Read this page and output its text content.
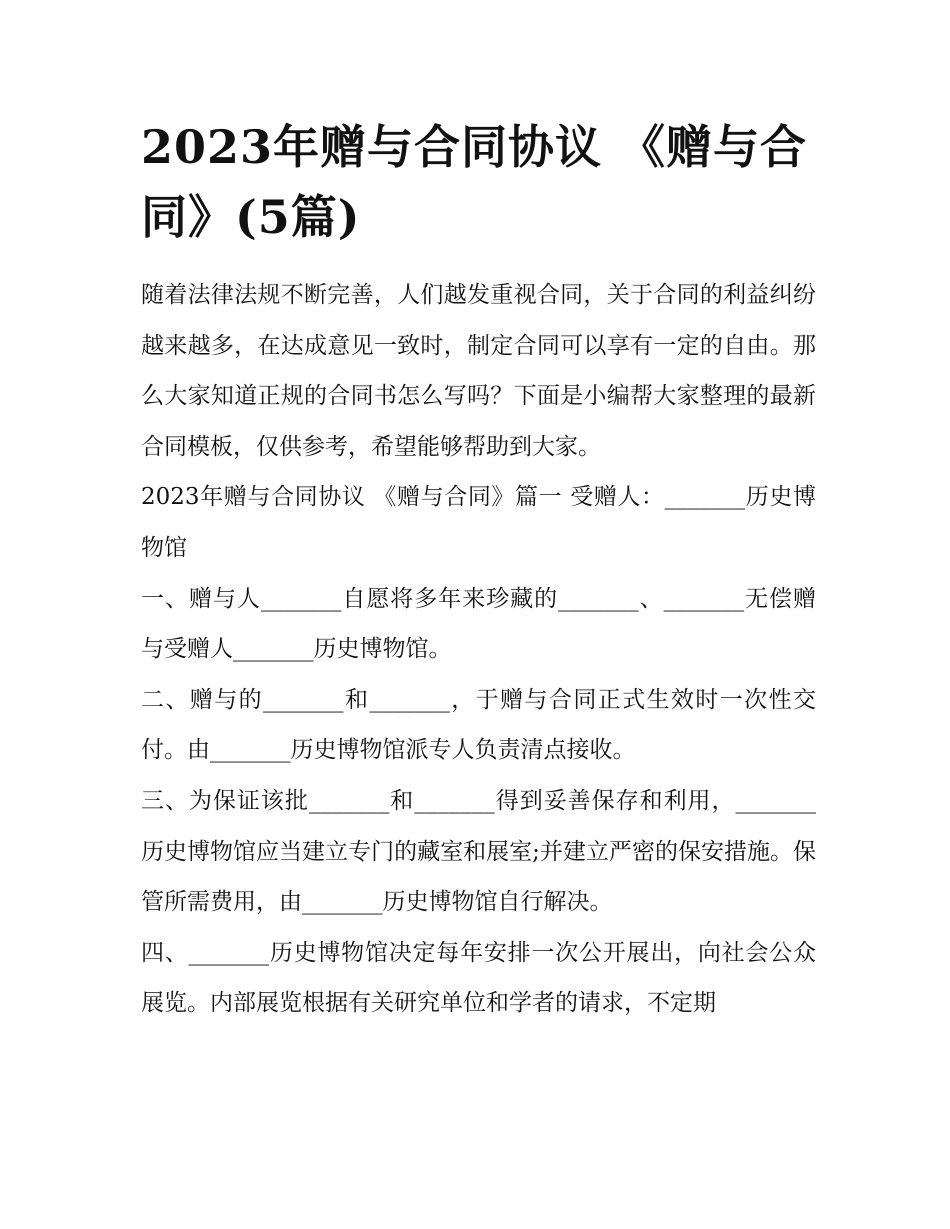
2023年赠与合同协议 《赠与合同》(5篇)

随着法律法规不断完善，人们越发重视合同，关于合同的利益纠纷越来越多，在达成意见一致时，制定合同可以享有一定的自由。那么大家知道正规的合同书怎么写吗？下面是小编帮大家整理的最新合同模板，仅供参考，希望能够帮助到大家。

2023年赠与合同协议 《赠与合同》篇一 受赠人：_______历史博物馆

一、赠与人_______自愿将多年来珍藏的_______、_______无偿赠与受赠人_______历史博物馆。

二、赠与的_______和_______，于赠与合同正式生效时一次性交付。由_______历史博物馆派专人负责清点接收。

三、为保证该批_______和_______得到妥善保存和利用，_______历史博物馆应当建立专门的藏室和展室;并建立严密的保安措施。保管所需费用，由_______历史博物馆自行解决。

四、_______历史博物馆决定每年安排一次公开展出，向社会公众展览。内部展览根据有关研究单位和学者的请求，不定期
